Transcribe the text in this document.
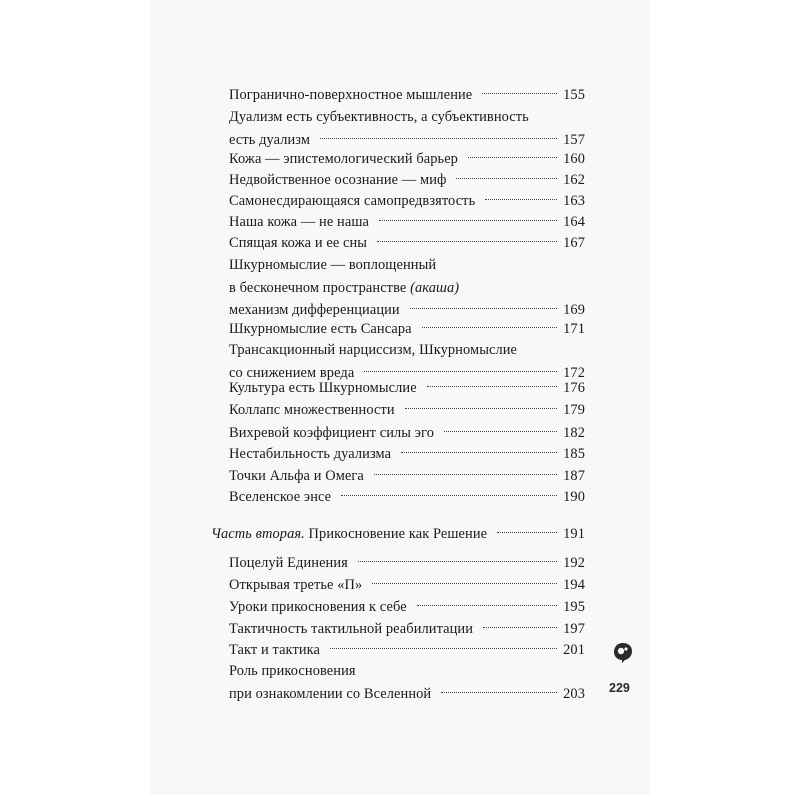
Погранично-поверхностное мышление	155
Дуализм есть субъективность, а субъективность
есть дуализм	157
Кожа — эпистемологический барьер	160
Недвойственное осознание — миф	162
Самонесдирающаяся самопредвзятость	163
Наша кожа — не наша	164
Спящая кожа и ее сны	167
Шкурномыслие — воплощенный
в бесконечном пространстве (акаша)
механизм дифференциации	169
Шкурномыслие есть Сансара	171
Трансакционный нарциссизм, Шкурномыслие
со снижением вреда	172
Культура есть Шкурномыслие	176
Коллапс множественности	179
Вихревой коэффициент силы эго	182
Нестабильность дуализма	185
Точки Альфа и Омега	187
Вселенское энсе	190
Часть вторая. Прикосновение как Решение	191
Поцелуй Единения	192
Открывая третье «П»	194
Уроки прикосновения к себе	195
Тактичность тактильной реабилитации	197
Такт и тактика	201
Роль прикосновения
при ознакомлении со Вселенной	203 229
